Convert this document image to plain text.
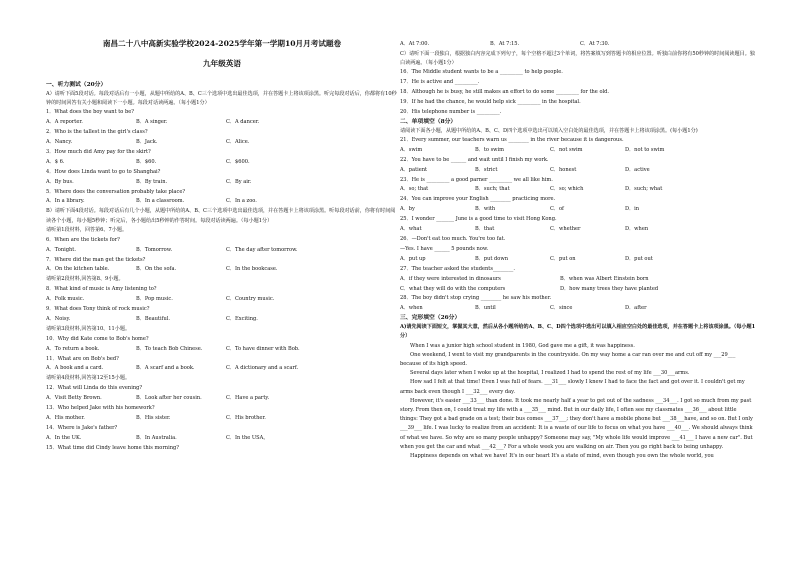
南昌二十八中高新实验学校2024-2025学年第一学期10月月考试题卷
九年级英语
一、听力测试（20分）
A）请听下面5段对话。每段对话后有一小题，从题中所给的A、B、C三个选项中选出最佳选项，并在答题卡上将该项涂黑。听完每段对话后，你都将有10秒钟的时间回答有关小题和阅读下一小题。每段对话读两遍。（每小题1分）
1．What does the boy want to be?
A．A reporter.	B．A singer.	C．A dancer.
2．Who is the tallest in the girl's class?
A．Nancy.	B．Jack.	C．Alice.
3．How much did Amy pay for the skirt?
A．$ 6.	B．$60.	C．$600.
4．How does Linda want to go to Shanghai?
A．By bus.	B．By train.	C．By air.
5．Where does the conversation probably take place?
A．In a library.	B．In a classroom.	C．In a zoo.
B）请听下面4段对话。每段对话后有几个小题，从题中所给的A、B、C三个选项中选出最佳选项，并在答题卡上将该项涂黑。听每段对话前，你将有时间阅读各个小题，每小题5秒钟；听完后，各小题给出5秒钟的作答时间。每段对话读两遍。（每小题1分）
请听第1段材料，回答第6、7小题。
6．When are the tickets for?
A．Tonight.	B．Tomorrow.	C．The day after tomorrow.
7．Where did the man get the tickets?
A．On the kitchen table.	B．On the sofa.	C．In the bookcase.
请听第2段材料,回答第8、9小题。
8．What kind of music is Amy listening to?
A．Folk music.	B．Pop music.	C．Country music.
9．What does Tony think of rock music?
A．Noisy.	B．Beautiful.	C．Exciting.
请听第3段材料,回答第10、11小题。
10．Why did Kate come to Bob's home?
A．To return a book.	B．To teach Bob Chinese.	C．To have dinner with Bob.
11．What are on Bob's bed?
A．A book and a card.	B．A scarf and a book.	C．A dictionary and a scarf.
请听第4段材料,回答第12至15小题。
12．What will Linda do this evening?
A．Visit Betty Brown.	B．Look after her cousin.	C．Have a party.
13．Who helped Jake with his homework?
A．His mother.	B．His sister.	C．His brother.
14．Where is Jake's father?
A．In the UK.	B．In Australia.	C．In the USA。
15．What time did Cindy leave home this morning?
A．At 7:00.	B．At 7:15.	C．At 7:30.
C）请听下面一段独白，根据独白内容完成下列句子，每个空格不超过3个单词，将答案填写到答题卡的相应位置。听独白前你将有50秒钟的时间阅读题目。独白读两遍。（每小题1分）
16．The Middle student wants to be a _________ to help people.
17．He is active and _________.
18．Although he is busy, he still makes an effort to do some _________ for the old.
19．If he had the chance, he would help sick _________ in the hospital.
20．His telephone number is _________.
二、单项填空（8分）
请阅读下面各小题，从题中所给的A、B、C、D四个选项中选出可以填入空白处的最佳选项，并在答题卡上将该项涂黑。(每小题1分)
21．Every summer, our teachers warn us ________ in the river because it is dangerous.
A．swim	B．to swim	C．not swim	D．not to swim
22．You have to be ______ and wait until I finish my work.
A．patient	B．strict	C．honest	D．active
23．He is _________ a good parner _________ we all like him.
A．so; that	B．such; that	C．so; which	D．such; what
24．You can improve your English ________ practicing more.
A．by	B．with	C．of	D．in
25．I wonder _______ June is a good time to visit Hong Kong.
A．what	B．that	C．whether	D．when
26．—Don't eat too much. You're too fat.
—Yes. I have ______ 5 pounds now.
A．put up	B．put down	C．put on	D．put out
27．The teacher asked the students________.
A．if they were interested in dinosaurs	B．when was Albert Einstein born
C．what they will do with the computers	D．how many trees they have planted
28．The boy didn't stop crying ________ he saw his mother.
A．when	B．until	C．since	D．after
三、完形填空（26分）
A)请先阅读下面短文，掌握其大意，然后从各小题所给的A、B、C、D四个选项中选出可以填入相应空白处的最佳选项，并在答题卡上将该项涂黑。（每小题1分）
When I was a junior high school student in 1980, God gave me a gift, it was happiness.
One weekend, I went to visit my grandparents in the countryside. On my way home a car ran over me and cut off my ___29___ because of its high speed.
Several days later when I woke up at the hospital, I realized I had to spend the rest of my life ___30___arms.
How sad I felt at that time! Even I was full of fears. ___31___ slowly I knew I had to face the fact and got over it. I couldn't get my arms back even though I ___32___ every day.
However, it's easier ___33___ than done. It took me nearly half a year to get out of the sadness ___34___. I got so much from my past story. From then on, I could treat my life with a ___35___ mind. But in our daily life, I often see my classmates ___36___ about little things: They got a bad grade on a test; their bus comes ___37___; they don't have a mobile phone but ___38___have, and so on. But I only ___39___ life. I was lucky to realize from an accident: It is a waste of our life to focus on what you have ___40___. We should always think of what we have. So why are so many people unhappy? Someone may say, "My whole life would improve ___41___ I have a new car". But when you get the car and what ___42___? For a whole week you are walking on air. Then you go right back to being unhappy.
Happiness depends on what we have! It's in our heart It's a state of mind, even though you own the whole world, you
